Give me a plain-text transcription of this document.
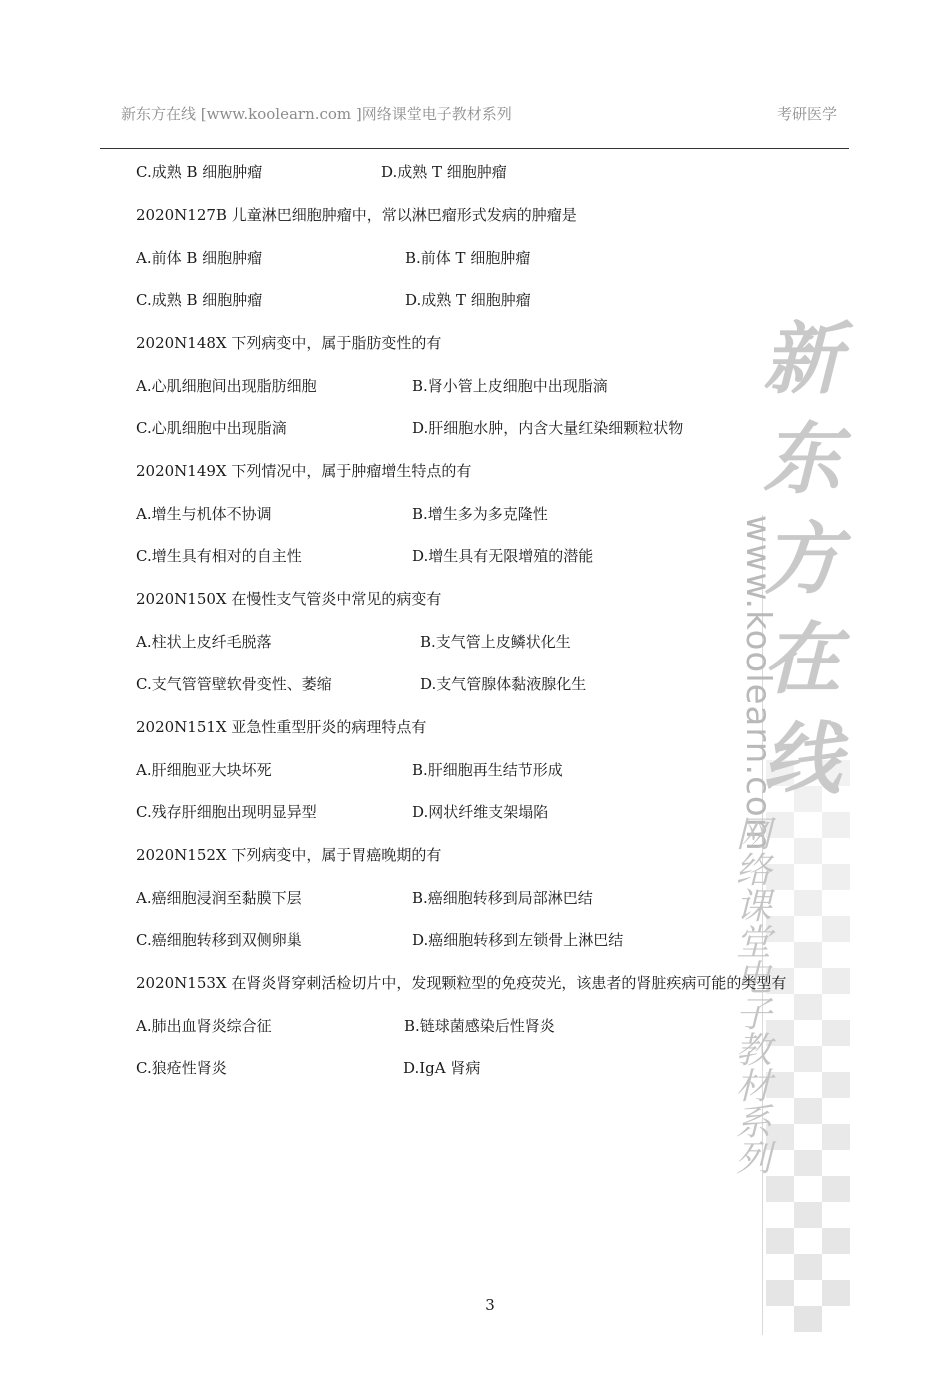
新东方在线 [www.koolearn.com ]网络课堂电子教材系列	考研医学
新东方在线
www.koolearn.com
网络课堂电子教材系列
C.成熟 B 细胞肿瘤	D.成熟 T 细胞肿瘤
2020N127B 儿童淋巴细胞肿瘤中，常以淋巴瘤形式发病的肿瘤是
A.前体 B 细胞肿瘤	B.前体 T 细胞肿瘤
C.成熟 B 细胞肿瘤	D.成熟 T 细胞肿瘤
2020N148X 下列病变中，属于脂肪变性的有
A.心肌细胞间出现脂肪细胞	B.肾小管上皮细胞中出现脂滴
C.心肌细胞中出现脂滴	D.肝细胞水肿，内含大量红染细颗粒状物
2020N149X 下列情况中，属于肿瘤增生特点的有
A.增生与机体不协调	B.增生多为多克隆性
C.增生具有相对的自主性	D.增生具有无限增殖的潜能
2020N150X 在慢性支气管炎中常见的病变有
A.柱状上皮纤毛脱落	B.支气管上皮鳞状化生
C.支气管管壁软骨变性、萎缩	D.支气管腺体黏液腺化生
2020N151X 亚急性重型肝炎的病理特点有
A.肝细胞亚大块坏死	B.肝细胞再生结节形成
C.残存肝细胞出现明显异型	D.网状纤维支架塌陷
2020N152X 下列病变中，属于胃癌晚期的有
A.癌细胞浸润至黏膜下层	B.癌细胞转移到局部淋巴结
C.癌细胞转移到双侧卵巢	D.癌细胞转移到左锁骨上淋巴结
2020N153X 在肾炎肾穿刺活检切片中，发现颗粒型的免疫荧光，该患者的肾脏疾病可能的类型有
A.肺出血肾炎综合征	B.链球菌感染后性肾炎
C.狼疮性肾炎	D.IgA 肾病
3
